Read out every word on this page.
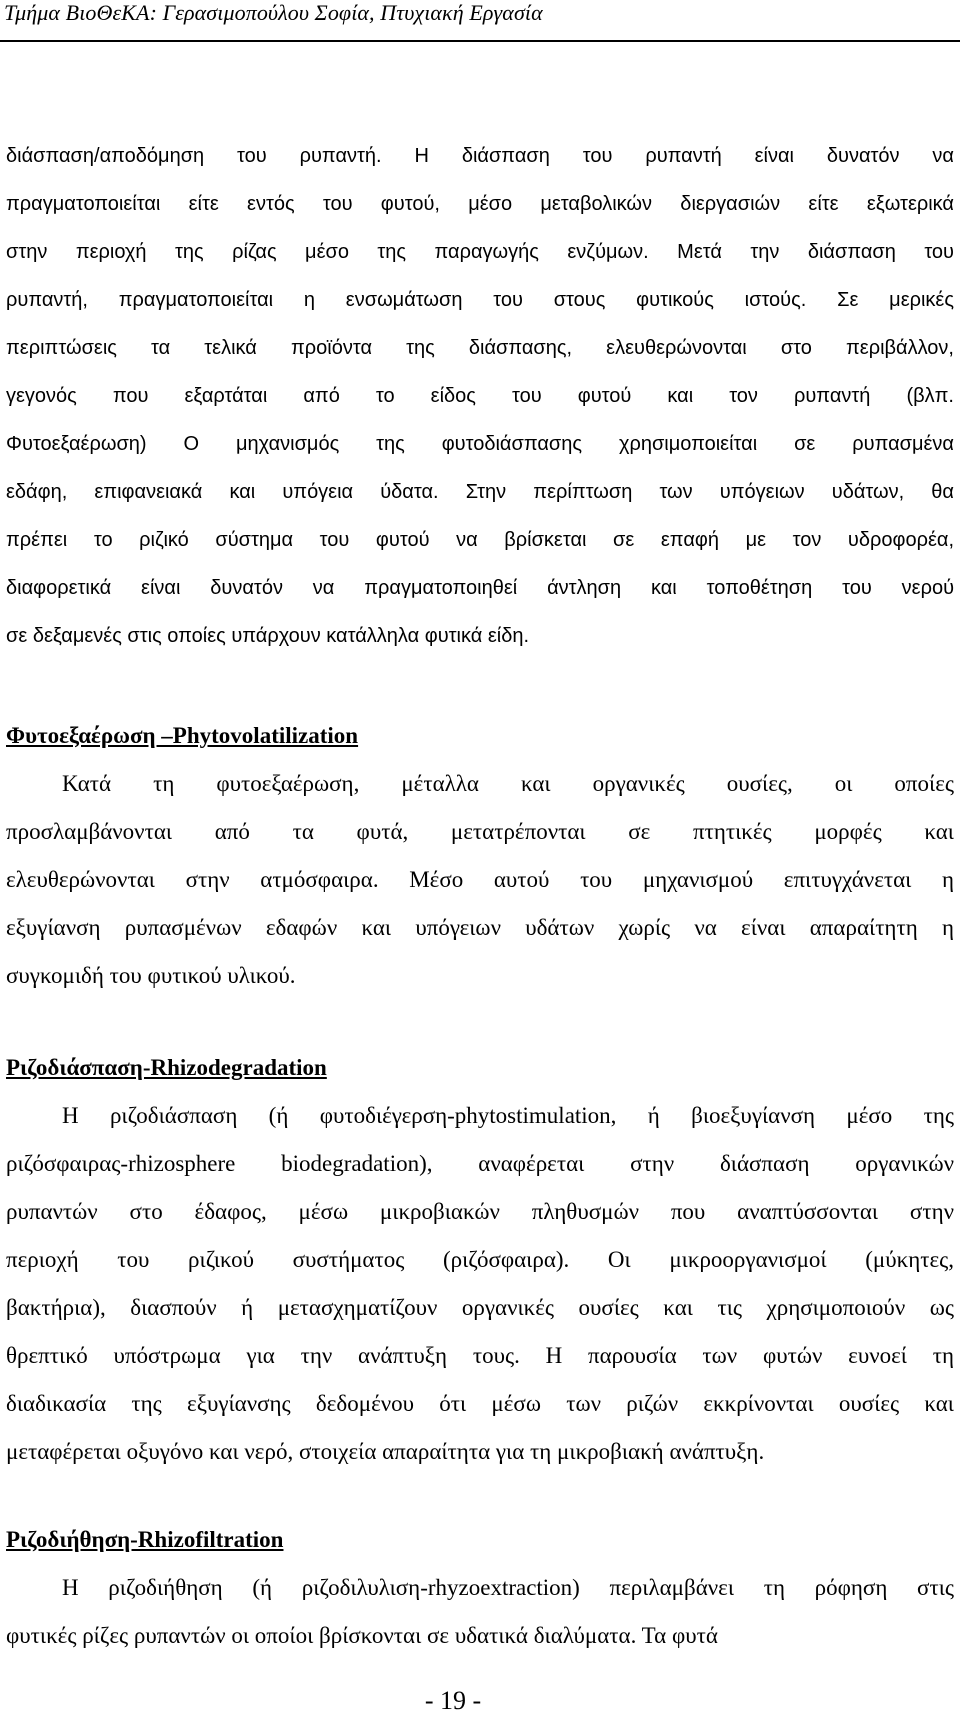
Τμήμα ΒιοΘεΚΑ: Γερασιμοπούλου Σοφία, Πτυχιακή Εργασία
διάσπαση/αποδόμηση του ρυπαντή. Η διάσπαση του ρυπαντή είναι δυνατόν να
πραγματοποιείται είτε εντός του φυτού, μέσο μεταβολικών διεργασιών είτε εξωτερικά
στην περιοχή της ρίζας μέσο της παραγωγής ενζύμων. Μετά την διάσπαση του
ρυπαντή, πραγματοποιείται η ενσωμάτωση του στους φυτικούς ιστούς. Σε μερικές
περιπτώσεις τα τελικά προϊόντα της διάσπασης, ελευθερώνονται στο περιβάλλον,
γεγονός που εξαρτάται από το είδος του φυτού και τον ρυπαντή (βλπ.
Φυτοεξαέρωση) Ο μηχανισμός της φυτοδιάσπασης χρησιμοποιείται σε ρυπασμένα
εδάφη, επιφανειακά και υπόγεια ύδατα. Στην περίπτωση των υπόγειων υδάτων, θα
πρέπει το ριζικό σύστημα του φυτού να βρίσκεται σε επαφή με τον υδροφορέα,
διαφορετικά είναι δυνατόν να πραγματοποιηθεί άντληση και τοποθέτηση του νερού
σε δεξαμενές στις οποίες υπάρχουν κατάλληλα φυτικά είδη.
Φυτοεξαέρωση –Phytovolatilization
Κατά τη φυτοεξαέρωση, μέταλλα και οργανικές ουσίες, οι οποίες
προσλαμβάνονται από τα φυτά, μετατρέπονται σε πτητικές μορφές και
ελευθερώνονται στην ατμόσφαιρα. Μέσο αυτού του μηχανισμού επιτυγχάνεται η
εξυγίανση ρυπασμένων εδαφών και υπόγειων υδάτων χωρίς να είναι απαραίτητη η
συγκομιδή του φυτικού υλικού.
Ριζοδιάσπαση-Rhizodegradation
Η ριζοδιάσπαση (ή φυτοδιέγερση-phytostimulation, ή βιοεξυγίανση μέσο της
ριζόσφαιρας-rhizosphere biodegradation), αναφέρεται στην διάσπαση οργανικών
ρυπαντών στο έδαφος, μέσω μικροβιακών πληθυσμών που αναπτύσσονται στην
περιοχή του ριζικού συστήματος (ριζόσφαιρα). Οι μικροοργανισμοί (μύκητες,
βακτήρια), διασπούν ή μετασχηματίζουν οργανικές ουσίες και τις χρησιμοποιούν ως
θρεπτικό υπόστρωμα για την ανάπτυξη τους. Η παρουσία των φυτών ευνοεί τη
διαδικασία της εξυγίανσης δεδομένου ότι μέσω των ριζών εκκρίνονται ουσίες και
μεταφέρεται οξυγόνο και νερό, στοιχεία απαραίτητα για τη μικροβιακή ανάπτυξη.
Ριζοδιήθηση-Rhizofiltration
Η ριζοδιήθηση (ή ριζοδιλυλιση-rhyzoextraction) περιλαμβάνει τη ρόφηση στις
φυτικές ρίζες ρυπαντών οι οποίοι βρίσκονται σε υδατικά διαλύματα. Τα φυτά
- 19 -
